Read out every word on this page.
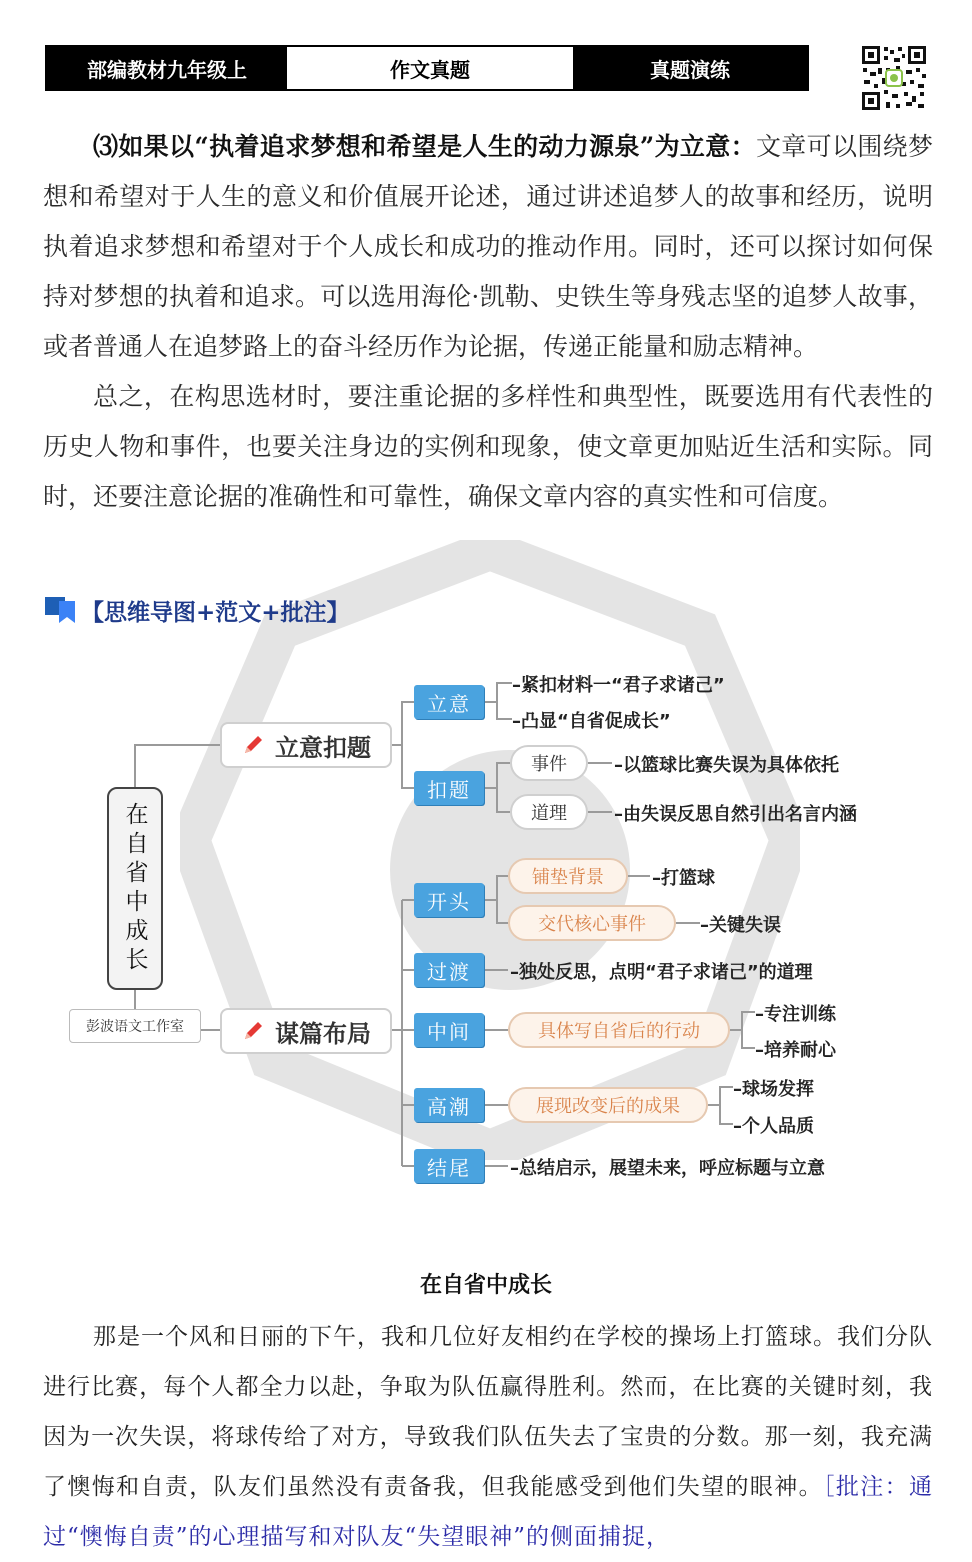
部编教材九年级上	作文真题	真题演练
⑶如果以“执着追求梦想和希望是人生的动力源泉”为立意：文章可以围绕梦想和希望对于人生的意义和价值展开论述，通过讲述追梦人的故事和经历，说明执着追求梦想和希望对于个人成长和成功的推动作用。同时，还可以探讨如何保持对梦想的执着和追求。可以选用海伦·凯勒、史铁生等身残志坚的追梦人故事，或者普通人在追梦路上的奋斗经历作为论据，传递正能量和励志精神。
总之，在构思选材时，要注重论据的多样性和典型性，既要选用有代表性的历史人物和事件，也要关注身边的实例和现象，使文章更加贴近生活和实际。同时，还要注意论据的准确性和可靠性，确保文章内容的真实性和可信度。
【思维导图+范文+批注】
在自省中成长
彭波语文工作室
立意扣题
谋篇布局
立意
–紧扣材料一“君子求诸己”
–凸显“自省促成长”
扣题
事件	–以篮球比赛失误为具体依托
道理	–由失误反思自然引出名言内涵
开头
铺垫背景	–打篮球
交代核心事件	–关键失误
过渡	–独处反思，点明“君子求诸己”的道理
中间	具体写自省后的行动
–专注训练
–培养耐心
高潮	展现改变后的成果
–球场发挥
–个人品质
结尾	–总结启示，展望未来，呼应标题与立意
在自省中成长
那是一个风和日丽的下午，我和几位好友相约在学校的操场上打篮球。我们分队进行比赛，每个人都全力以赴，争取为队伍赢得胜利。然而，在比赛的关键时刻，我因为一次失误，将球传给了对方，导致我们队伍失去了宝贵的分数。那一刻，我充满了懊悔和自责，队友们虽然没有责备我，但我能感受到他们失望的眼神。［批注：通过“懊悔自责”的心理描写和对队友“失望眼神”的侧面捕捉，
